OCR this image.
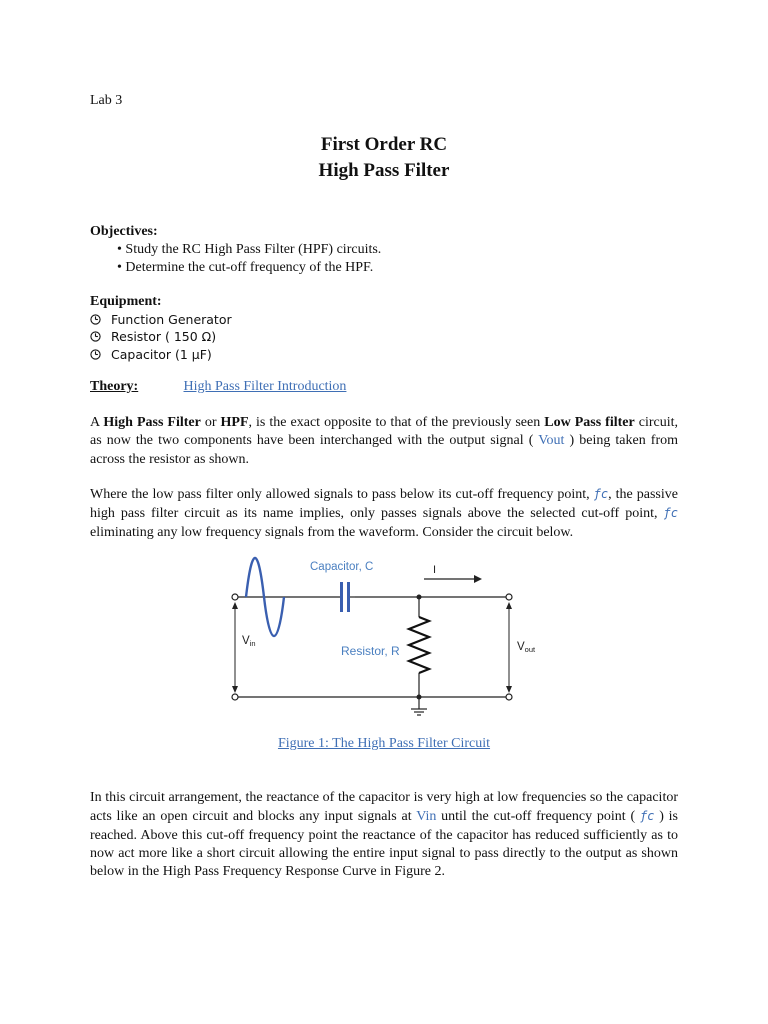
Lab 3
First Order RC
High Pass Filter
Objectives:
• Study the RC High Pass Filter (HPF) circuits.
• Determine the cut-off frequency of the HPF.
Equipment:
Function Generator
Resistor ( 150 Ω)
Capacitor (1 μF)
Theory:	High Pass Filter Introduction
A High Pass Filter or HPF, is the exact opposite to that of the previously seen Low Pass filter circuit, as now the two components have been interchanged with the output signal ( Vout ) being taken from across the resistor as shown.
Where the low pass filter only allowed signals to pass below its cut-off frequency point, ƒc, the passive high pass filter circuit as its name implies, only passes signals above the selected cut-off point, ƒc eliminating any low frequency signals from the waveform. Consider the circuit below.
Capacitor, C	I
Resistor, R
Vin	Vout
Figure 1: The High Pass Filter Circuit
In this circuit arrangement, the reactance of the capacitor is very high at low frequencies so the capacitor acts like an open circuit and blocks any input signals at Vin until the cut-off frequency point ( ƒc ) is reached. Above this cut-off frequency point the reactance of the capacitor has reduced sufficiently as to now act more like a short circuit allowing the entire input signal to pass directly to the output as shown below in the High Pass Frequency Response Curve in Figure 2.
